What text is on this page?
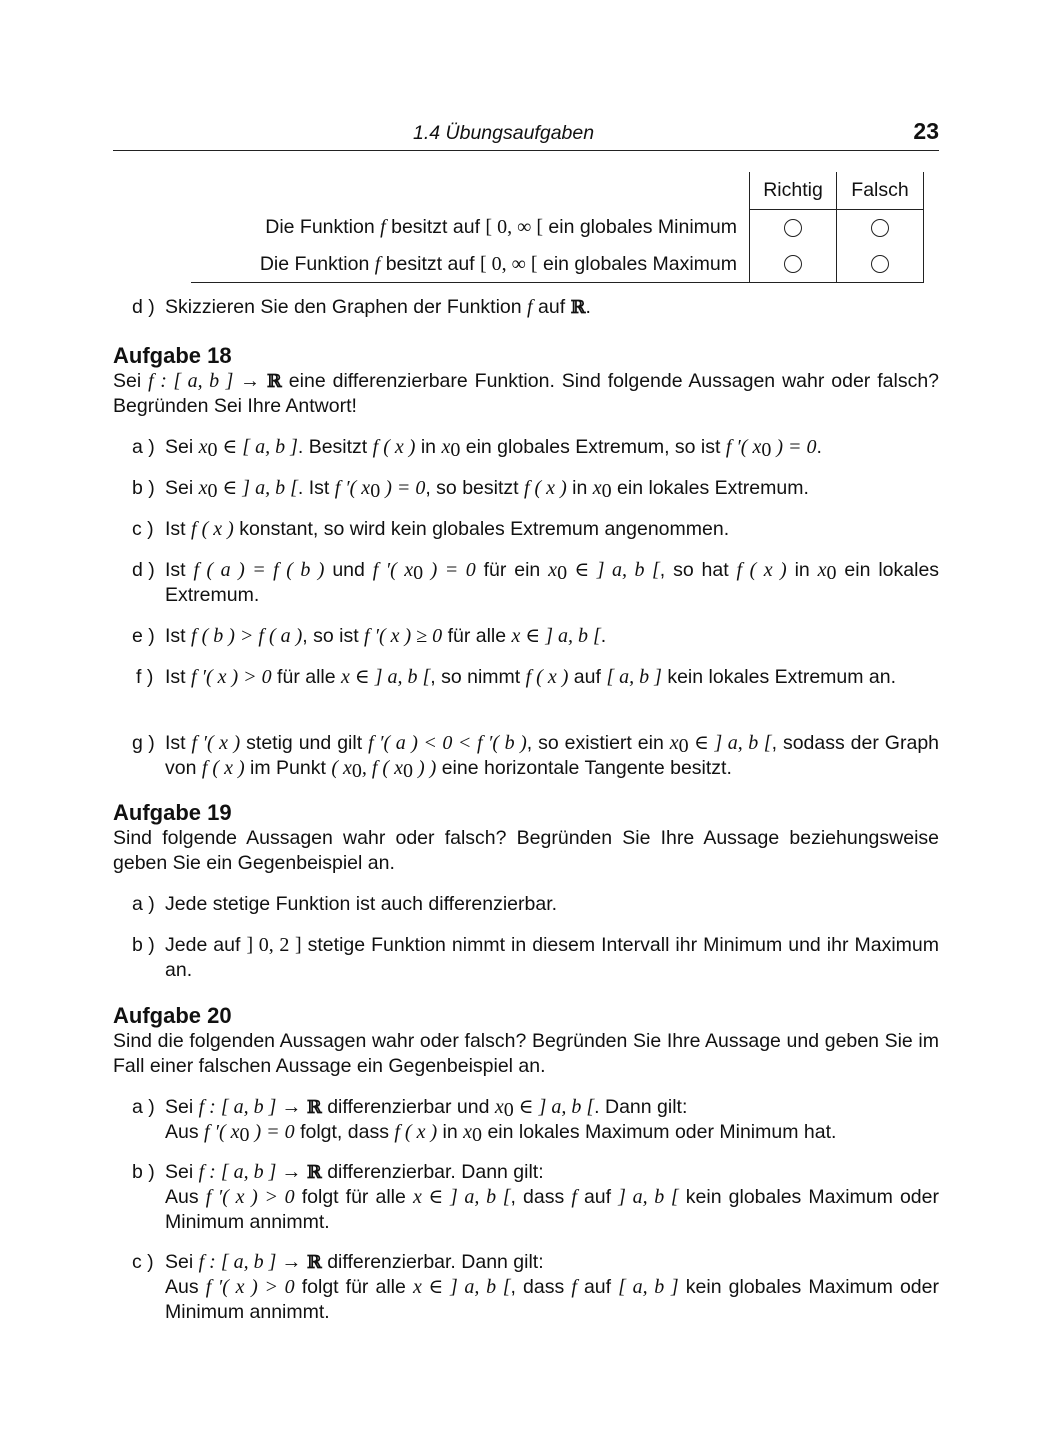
1.4 Übungsaufgaben	23
	Richtig	Falsch	
Die Funktion f besitzt auf [ 0, ∞ [ ein globales Minimum			
Die Funktion f besitzt auf [ 0, ∞ [ ein globales Maximum			
d ) Skizzieren Sie den Graphen der Funktion f auf ℝ.
Aufgabe 18
Sei f : [ a, b ] → ℝ eine differenzierbare Funktion. Sind folgende Aussagen wahr oder falsch? Begründen Sei Ihre Antwort!
a ) Sei $x_0$ ∈ [ a, b ]. Besitzt f ( x ) in $x_0$ ein globales Extremum, so ist f ′( $x_0$ ) = 0.
b ) Sei $x_0$ ∈ ] a, b [. Ist f ′( $x_0$ ) = 0, so besitzt f ( x ) in $x_0$ ein lokales Extremum.
c ) Ist f ( x ) konstant, so wird kein globales Extremum angenommen.
d ) Ist f ( a ) = f ( b ) und f ′( $x_0$ ) = 0 für ein $x_0$ ∈ ] a, b [, so hat f ( x ) in $x_0$ ein lokales Extremum.
e ) Ist f ( b ) > f ( a ), so ist f ′( x ) ≥ 0 für alle x ∈ ] a, b [.
f ) Ist f ′( x ) > 0 für alle x ∈ ] a, b [, so nimmt f ( x ) auf [ a, b ] kein lokales Extremum an.
g ) Ist f ′( x ) stetig und gilt f ′( a ) < 0 < f ′( b ), so existiert ein $x_0$ ∈ ] a, b [, sodass der Graph von f ( x ) im Punkt ( $x_0$, f ( $x_0$ ) ) eine horizontale Tangente besitzt.
Aufgabe 19
Sind folgende Aussagen wahr oder falsch? Begründen Sie Ihre Aussage beziehungsweise geben Sie ein Gegenbeispiel an.
a ) Jede stetige Funktion ist auch differenzierbar.
b ) Jede auf ] 0, 2 ] stetige Funktion nimmt in diesem Intervall ihr Minimum und ihr Maximum an.
Aufgabe 20
Sind die folgenden Aussagen wahr oder falsch? Begründen Sie Ihre Aussage und geben Sie im Fall einer falschen Aussage ein Gegenbeispiel an.
a ) Sei f : [ a, b ] → ℝ differenzierbar und $x_0$ ∈ ] a, b [. Dann gilt:
Aus f ′( $x_0$ ) = 0 folgt, dass f ( x ) in $x_0$ ein lokales Maximum oder Minimum hat.
b ) Sei f : [ a, b ] → ℝ differenzierbar. Dann gilt:
Aus f ′( x ) > 0 folgt für alle x ∈ ] a, b [, dass f auf ] a, b [ kein globales Maximum oder Minimum annimmt.
c ) Sei f : [ a, b ] → ℝ differenzierbar. Dann gilt:
Aus f ′( x ) > 0 folgt für alle x ∈ ] a, b [, dass f auf [ a, b ] kein globales Maximum oder Minimum annimmt.
